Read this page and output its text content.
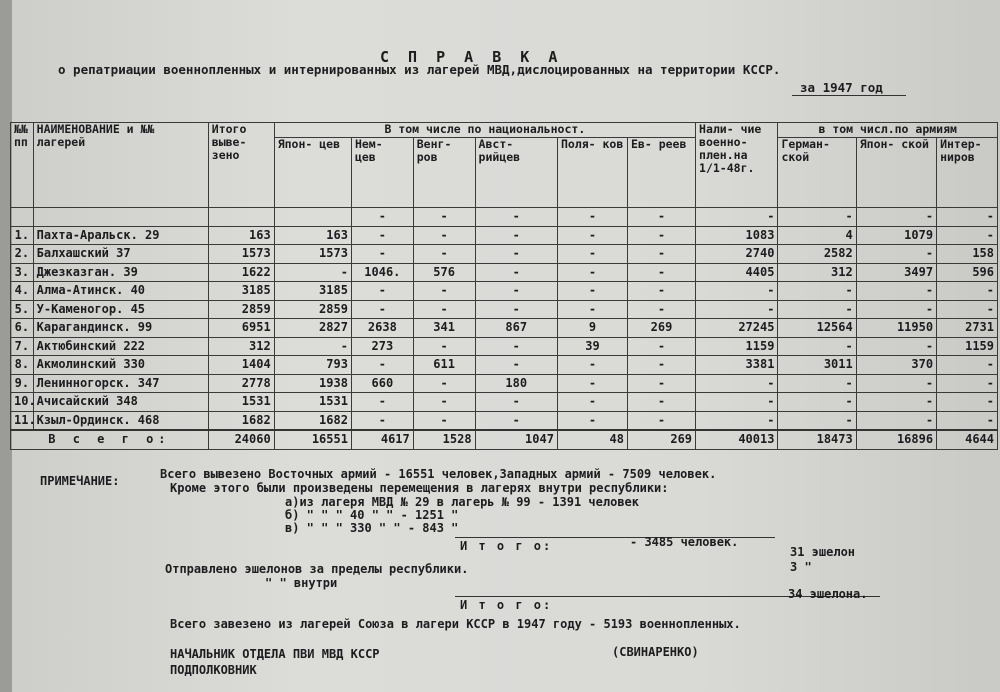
С П Р А В К А
о репатриации военнопленных и интернированных из лагерей МВД,дислоцированных на территории КССР.
за 1947 год
№№ пп	НАИМЕНОВАНИЕ и №№ лагерей	Итого выве- зено	В том числе по национальност.						Нали- чие военно- плен.на 1/1-48г.	в том числ.по армиям		
			Япон- цев	Нем- цев	Венг- ров	Авст- рийцев	Поля- ков	Ев- реев		Герман- ской	Япон- ской	Интер- ниров
				-	-	-	-	-	-	-	-	-
1.	Пахта-Аральск. 29	163	163	-	-	-	-	-	1083	4	1079	-
2.	Балхашский 37	1573	1573	-	-	-	-	-	2740	2582	-	158
3.	Джезказган. 39	1622	-	1046.	576	-	-	-	4405	312	3497	596
4.	Алма-Атинск. 40	3185	3185	-	-	-	-	-	-	-	-	-
5.	У-Каменогор. 45	2859	2859	-	-	-	-	-	-	-	-	-
6.	Карагандинск. 99	6951	2827	2638	341	867	9	269	27245	12564	11950	2731
7.	Актюбинский 222	312	-	273	-	-	39	-	1159	-	-	1159
8.	Акмолинский 330	1404	793	-	611	-	-	-	3381	3011	370	-
9.	Ленинногорск. 347	2778	1938	660	-	180	-	-	-	-	-	-
10.	Ачисайский 348	1531	1531	-	-	-	-	-	-	-	-	-
11.	Кзыл-Ординск. 468	1682	1682	-	-	-	-	-	-	-	-	-
В с е г о:		24060	16551	4617	1528	1047	48	269	40013	18473	16896	4644
ПРИМЕЧАНИЕ:	Всего вывезено Восточных армий - 16551 человек,Западных армий - 7509 человек.
Кроме этого были произведены перемещения в лагерях внутри республики:
а)из лагеря МВД № 29 в лагерь № 99 - 1391 человек
б) " " " 40 " " - 1251 "
в) " " " 330 " " - 843 "
И т о г о:	- 3485 человек.
Отправлено эшелонов за пределы республики.
31 эшелон
" " внутри
3 "
И т о г о:
34 эшелона.
Всего завезено из лагерей Союза в лагери КССР в 1947 году - 5193 военнопленных.
НАЧАЛЬНИК ОТДЕЛА ПВИ МВД КССР
ПОДПОЛКОВНИК
(СВИНАРЕНКО)
